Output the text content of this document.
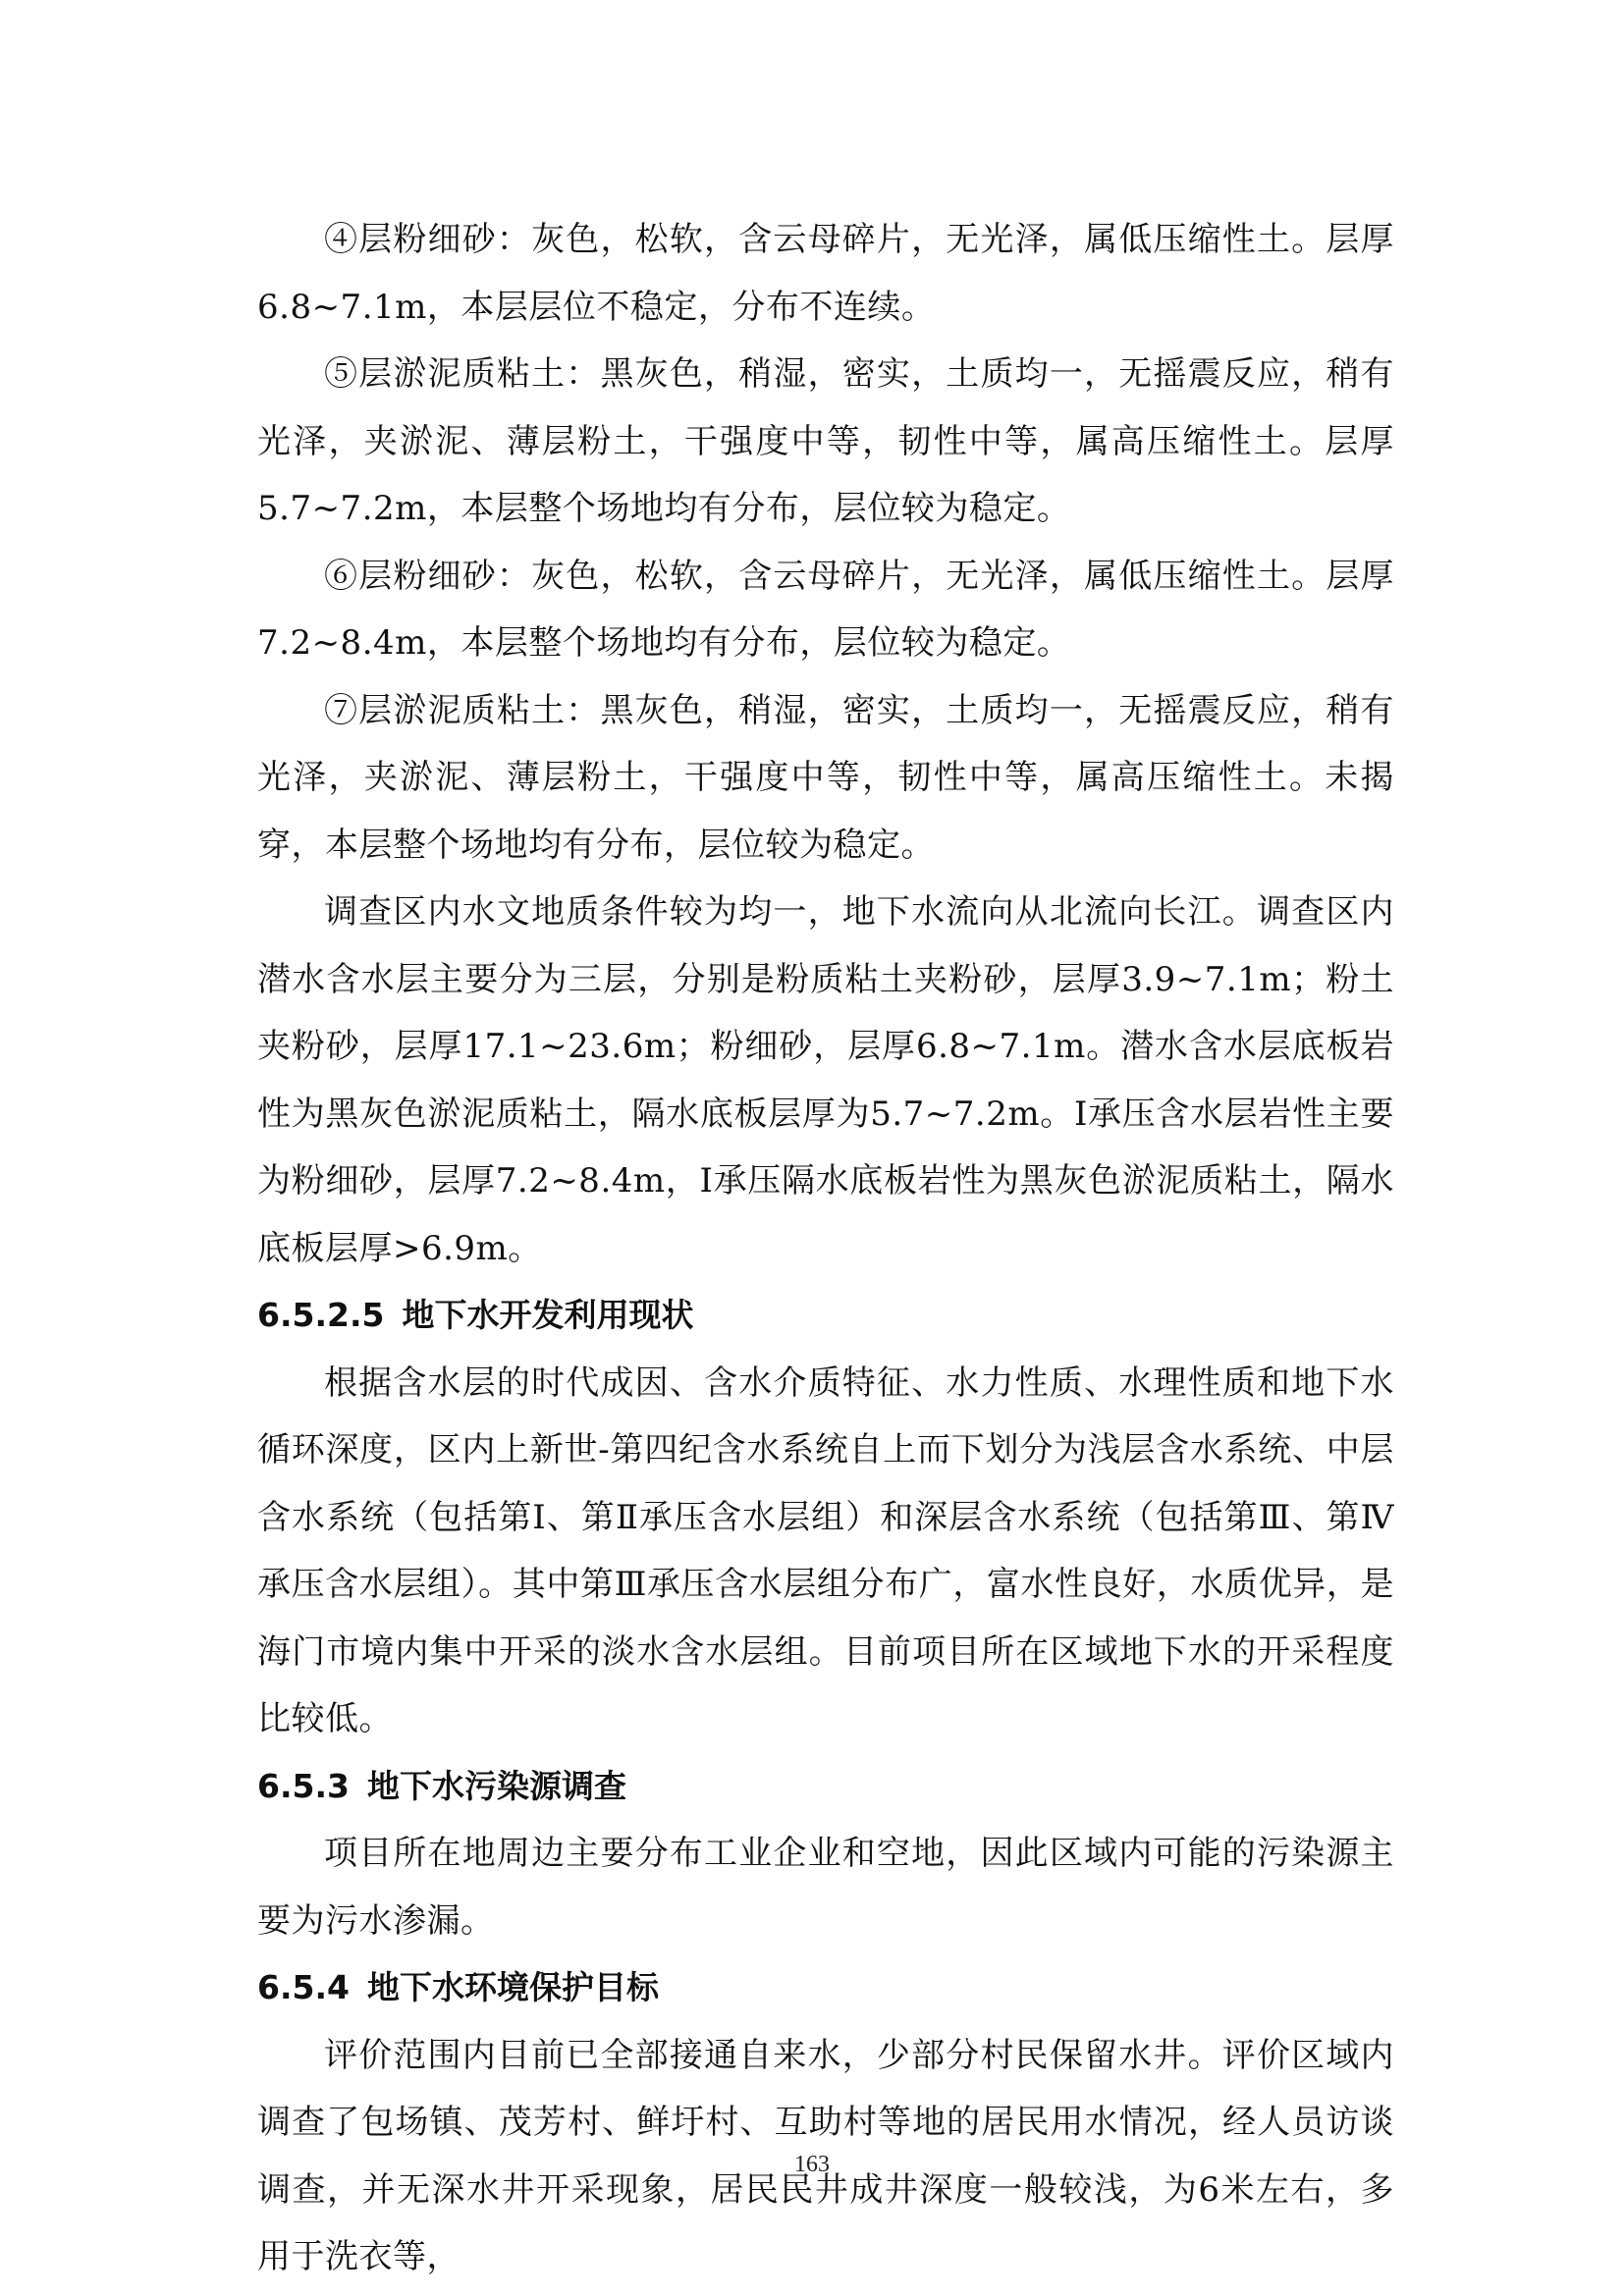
④层粉细砂：灰色，松软，含云母碎片，无光泽，属低压缩性土。层厚6.8~7.1m，本层层位不稳定，分布不连续。

⑤层淤泥质粘土：黑灰色，稍湿，密实，土质均一，无摇震反应，稍有光泽，夹淤泥、薄层粉土，干强度中等，韧性中等，属高压缩性土。层厚5.7~7.2m，本层整个场地均有分布，层位较为稳定。

⑥层粉细砂：灰色，松软，含云母碎片，无光泽，属低压缩性土。层厚7.2~8.4m，本层整个场地均有分布，层位较为稳定。

⑦层淤泥质粘土：黑灰色，稍湿，密实，土质均一，无摇震反应，稍有光泽，夹淤泥、薄层粉土，干强度中等，韧性中等，属高压缩性土。未揭穿，本层整个场地均有分布，层位较为稳定。

调查区内水文地质条件较为均一，地下水流向从北流向长江。调查区内潜水含水层主要分为三层，分别是粉质粘土夹粉砂，层厚3.9~7.1m；粉土夹粉砂，层厚17.1~23.6m；粉细砂，层厚6.8~7.1m。潜水含水层底板岩性为黑灰色淤泥质粘土，隔水底板层厚为5.7~7.2m。Ⅰ承压含水层岩性主要为粉细砂，层厚7.2~8.4m，Ⅰ承压隔水底板岩性为黑灰色淤泥质粘土，隔水底板层厚>6.9m。

6.5.2.5 地下水开发利用现状

根据含水层的时代成因、含水介质特征、水力性质、水理性质和地下水循环深度，区内上新世-第四纪含水系统自上而下划分为浅层含水系统、中层含水系统（包括第Ⅰ、第Ⅱ承压含水层组）和深层含水系统（包括第Ⅲ、第Ⅳ承压含水层组）。其中第Ⅲ承压含水层组分布广，富水性良好，水质优异，是海门市境内集中开采的淡水含水层组。目前项目所在区域地下水的开采程度比较低。

6.5.3 地下水污染源调查

项目所在地周边主要分布工业企业和空地，因此区域内可能的污染源主要为污水渗漏。

6.5.4 地下水环境保护目标

评价范围内目前已全部接通自来水，少部分村民保留水井。评价区域内调查了包场镇、茂芳村、鲜圩村、互助村等地的居民用水情况，经人员访谈调查，并无深水井开采现象，居民民井成井深度一般较浅，为6米左右，多用于洗衣等，

163
